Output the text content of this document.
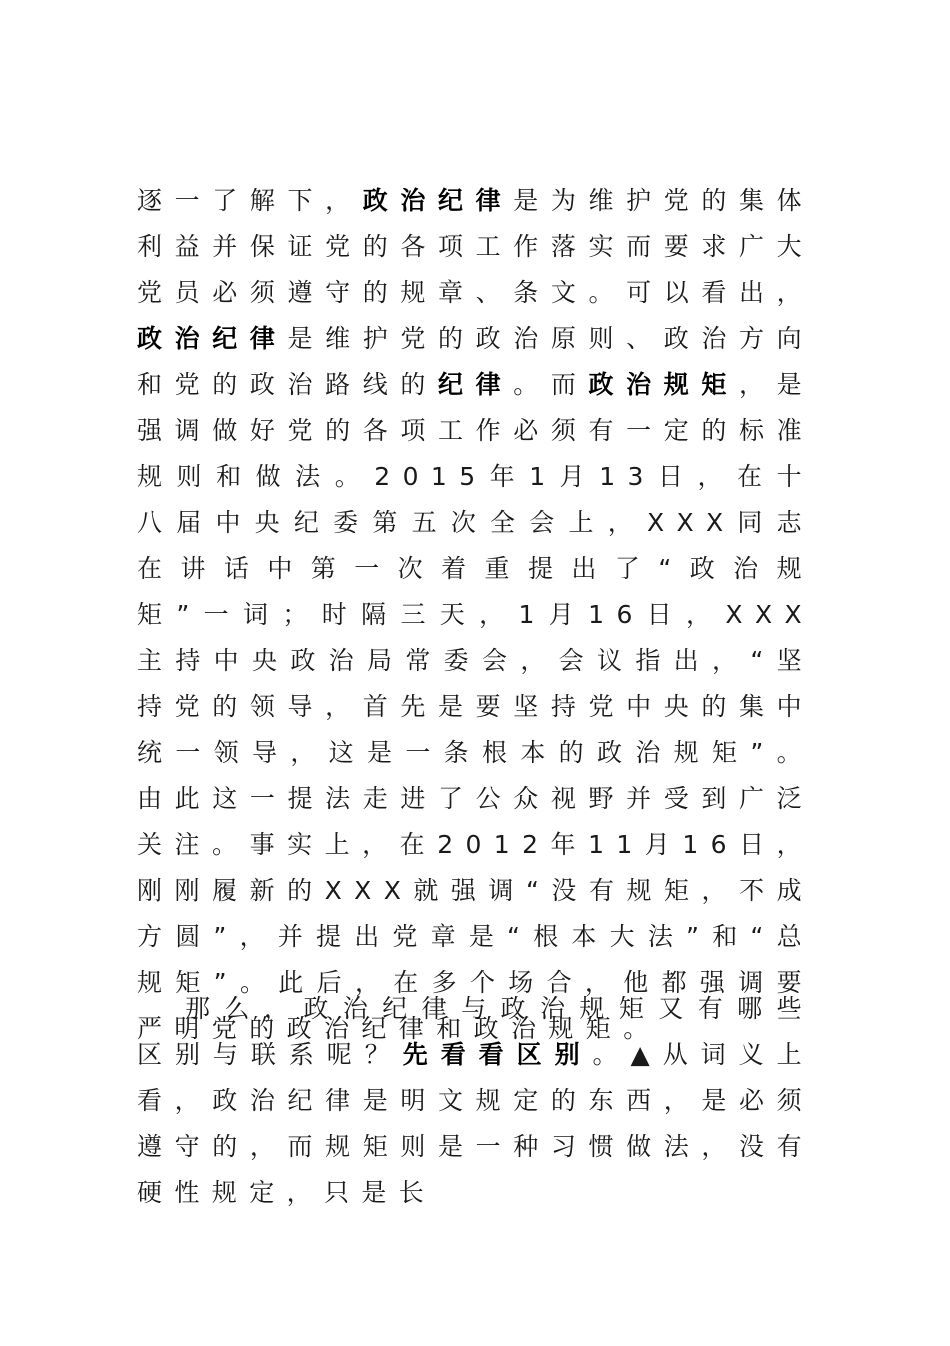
逐一了解下，政治纪律是为维护党的集体利益并保证党的各项工作落实而要求广大党员必须遵守的规章、条文。可以看出，政治纪律是维护党的政治原则、政治方向和党的政治路线的纪律。而政治规矩，是强调做好党的各项工作必须有一定的标准规则和做法。2015年1月13日，在十八届中央纪委第五次全会上，XXX同志在讲话中第一次着重提出了“政治规矩”一词；时隔三天，1月16日，XXX主持中央政治局常委会，会议指出，“坚持党的领导，首先是要坚持党中央的集中统一领导，这是一条根本的政治规矩”。由此这一提法走进了公众视野并受到广泛关注。事实上，在2012年11月16日，刚刚履新的XXX就强调“没有规矩，不成方圆”，并提出党章是“根本大法”和“总规矩”。此后，在多个场合，他都强调要严明党的政治纪律和政治规矩。

那么，政治纪律与政治规矩又有哪些区别与联系呢？先看看区别。▲从词义上看，政治纪律是明文规定的东西，是必须遵守的，而规矩则是一种习惯做法，没有硬性规定，只是长
